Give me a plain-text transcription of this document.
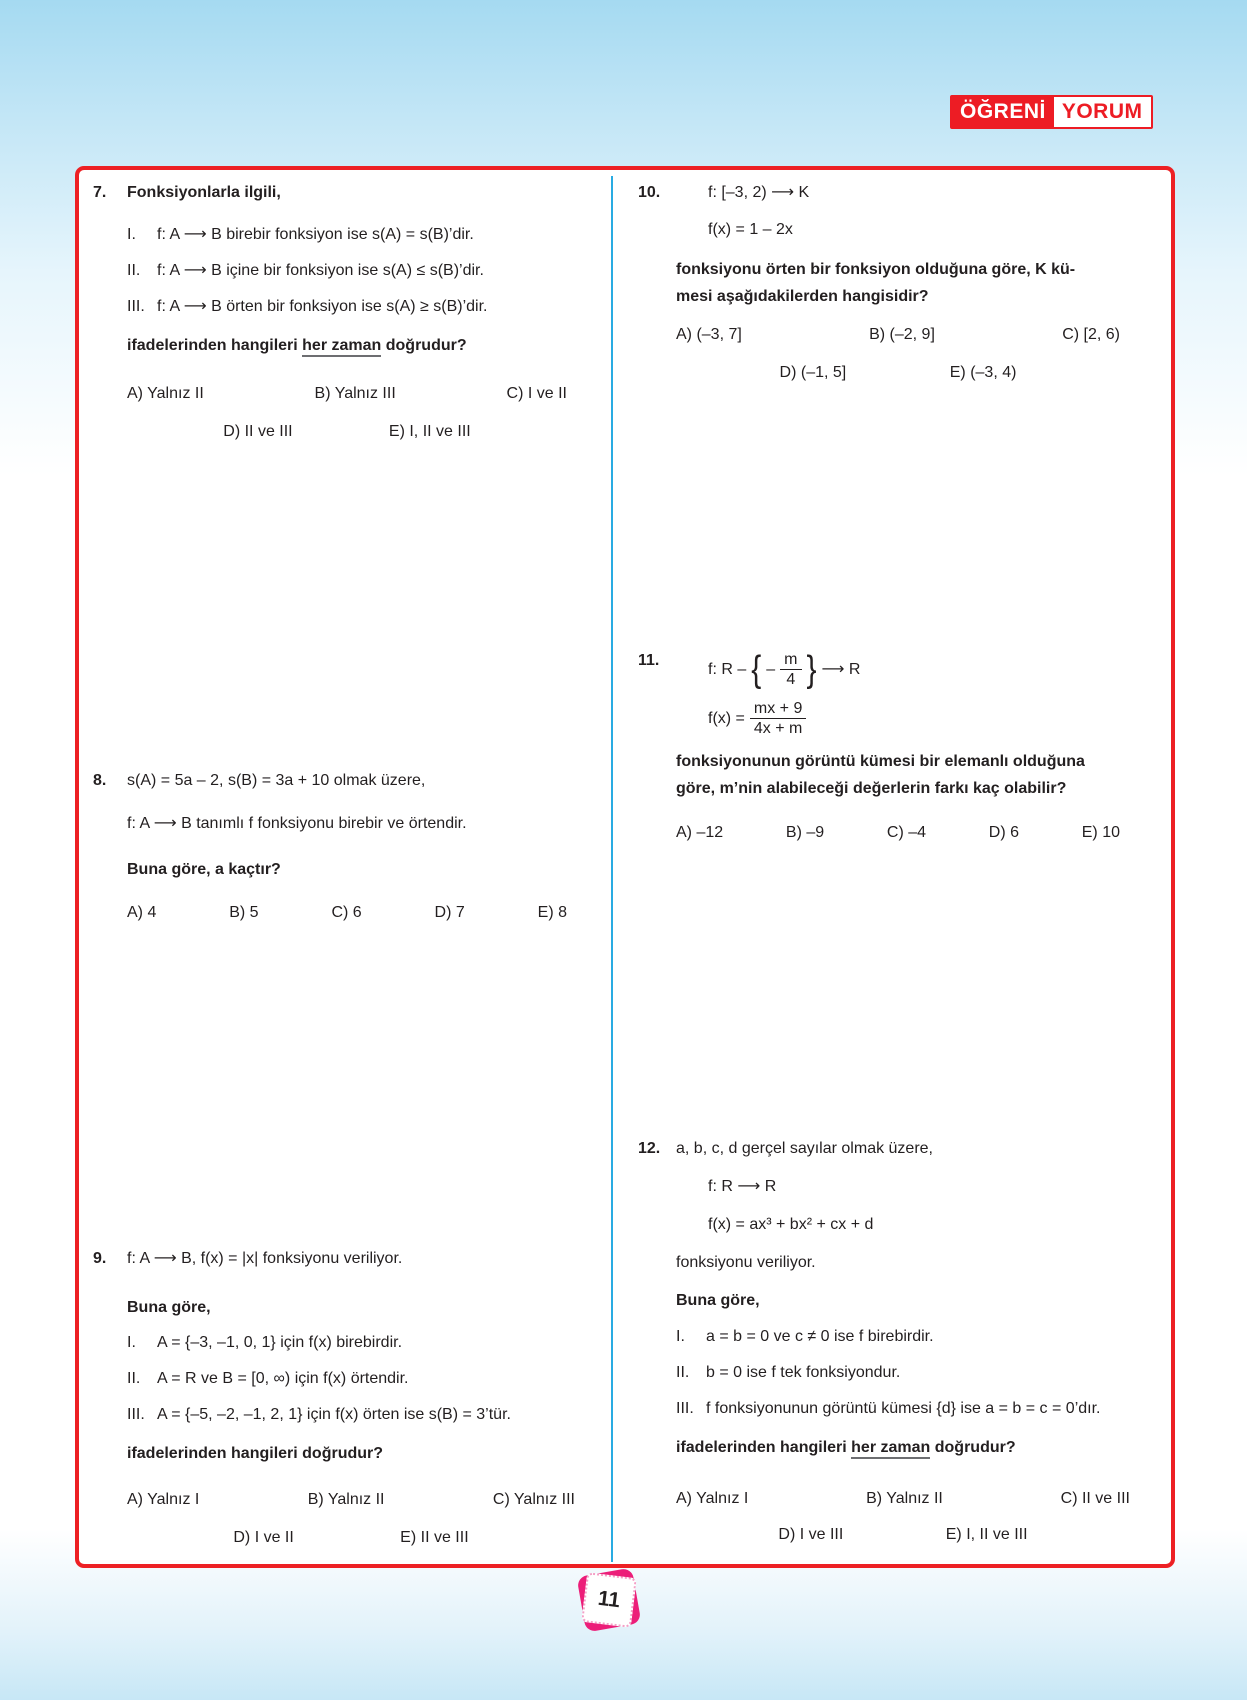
ÖĞRENİ YORUM
7. Fonksiyonlarla ilgili,

I.	f: A ⟶ B birebir fonksiyon ise s(A) = s(B)’dir.
II.	f: A ⟶ B içine bir fonksiyon ise s(A) ≤ s(B)’dir.
III. f: A ⟶ B örten bir fonksiyon ise s(A) ≥ s(B)’dir.

ifadelerinden hangileri her zaman doğrudur?

A) Yalnız II	B) Yalnız III	C) I ve II
D) II ve III	E) I, II ve III
8. s(A) = 5a – 2, s(B) = 3a + 10 olmak üzere,

f: A ⟶ B tanımlı f fonksiyonu birebir ve örtendir.

Buna göre, a kaçtır?

A) 4	B) 5	C) 6	D) 7	E) 8
9. f: A ⟶ B, f(x) = |x| fonksiyonu veriliyor.

Buna göre,

I.	A = {–3, –1, 0, 1} için f(x) birebirdir.
II.	A = R ve B = [0, ∞) için f(x) örtendir.
III. A = {–5, –2, –1, 2, 1} için f(x) örten ise s(B) = 3’tür.

ifadelerinden hangileri doğrudur?

A) Yalnız I	B) Yalnız II	C) Yalnız III
D) I ve II	E) II ve III
10.	f: [–3, 2) ⟶ K

f(x) = 1 – 2x

fonksiyonu örten bir fonksiyon olduğuna göre, K kü-
mesi aşağıdakilerden hangisidir?

A) (–3, 7]	B) (–2, 9]	C) [2, 6)
D) (–1, 5]	E) (–3, 4)
11.	f: R – { – $\frac{m}{4}$ } ⟶ R
$f(x) = \frac{mx + 9}{4x + m}$

fonksiyonunun görüntü kümesi bir elemanlı olduğuna
göre, m’nin alabileceği değerlerin farkı kaç olabilir?

A) –12	B) –9	C) –4	D) 6	E) 10
12. a, b, c, d gerçel sayılar olmak üzere,

f: R ⟶ R

f(x) = ax³ + bx² + cx + d

fonksiyonu veriliyor.

Buna göre,

I.	a = b = 0 ve c ≠ 0 ise f birebirdir.
II.	b = 0 ise f tek fonksiyondur.
III. f fonksiyonunun görüntü kümesi {d} ise a = b = c = 0’dır.

ifadelerinden hangileri her zaman doğrudur?

A) Yalnız I	B) Yalnız II	C) II ve III
D) I ve III	E) I, II ve III
11
